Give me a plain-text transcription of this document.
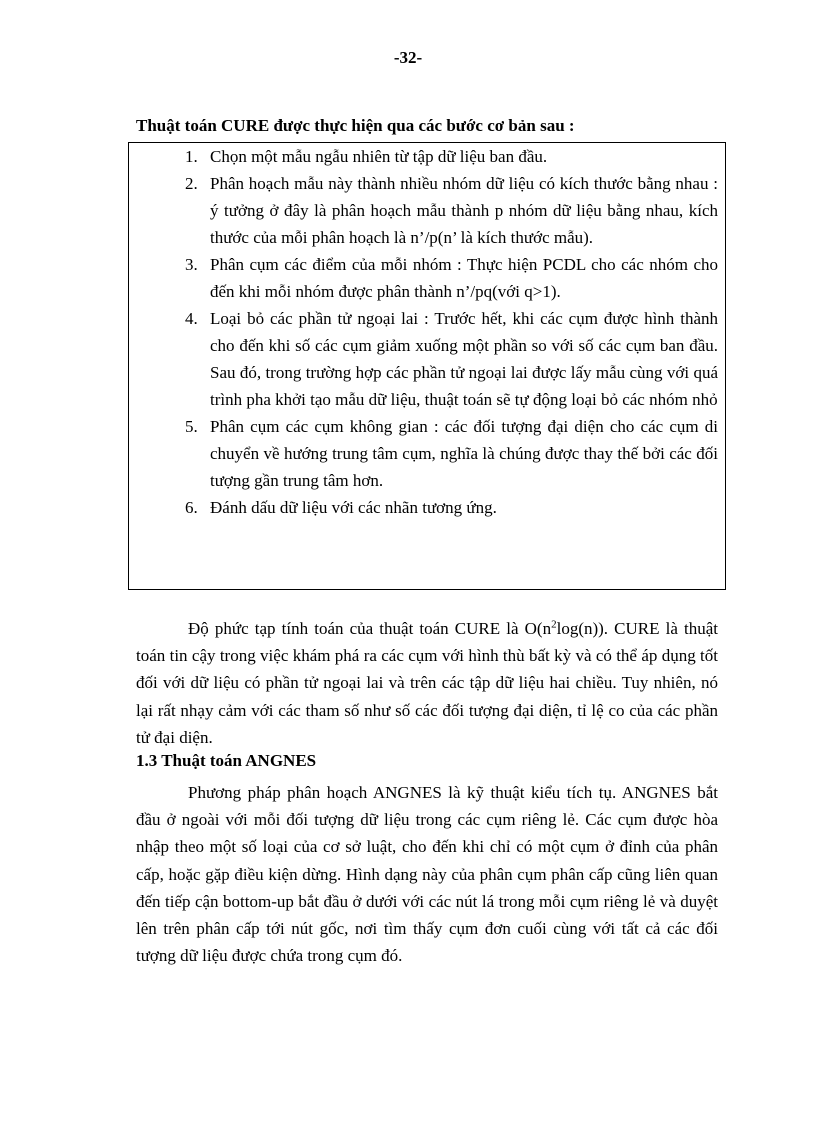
-32-
Thuật toán CURE được thực hiện qua các bước cơ bản sau :
1. Chọn một mẫu ngẫu nhiên từ tập dữ liệu ban đầu.
2. Phân hoạch mẫu này thành nhiều nhóm dữ liệu có kích thước bằng nhau : ý tưởng ở đây là phân hoạch mẫu thành p nhóm dữ liệu bằng nhau, kích thước của mỗi phân hoạch là n’/p(n’ là kích thước mẫu).
3. Phân cụm các điểm của mỗi nhóm : Thực hiện PCDL cho các nhóm cho đến khi mỗi nhóm được phân thành n’/pq(với q>1).
4. Loại bỏ các phần tử ngoại lai : Trước hết, khi các cụm được hình thành cho đến khi số các cụm giảm xuống một phần so với số các cụm ban đầu. Sau đó, trong trường hợp các phần tử ngoại lai được lấy mẫu cùng với quá trình pha khởi tạo mẫu dữ liệu, thuật toán sẽ tự động loại bỏ các nhóm nhỏ
5. Phân cụm các cụm không gian : các đối tượng đại diện cho các cụm di chuyển về hướng trung tâm cụm, nghĩa là chúng được thay thế bởi các đối tượng gần trung tâm hơn.
6. Đánh dấu dữ liệu với các nhãn tương ứng.

Độ phức tạp tính toán của thuật toán CURE là $O(n^2\log(n))$. CURE là thuật toán tin cậy trong việc khám phá ra các cụm với hình thù bất kỳ và có thể áp dụng tốt đối với dữ liệu có phần tử ngoại lai và trên các tập dữ liệu hai chiều. Tuy nhiên, nó lại rất nhạy cảm với các tham số như số các đối tượng đại diện, tỉ lệ co của các phần tử đại diện.

1.3 Thuật toán ANGNES

Phương pháp phân hoạch ANGNES là kỹ thuật kiểu tích tụ. ANGNES bắt đầu ở ngoài với mỗi đối tượng dữ liệu trong các cụm riêng lẻ. Các cụm được hòa nhập theo một số loại của cơ sở luật, cho đến khi chỉ có một cụm ở đỉnh của phân cấp, hoặc gặp điều kiện dừng. Hình dạng này của phân cụm phân cấp cũng liên quan đến tiếp cận bottom-up bắt đầu ở dưới với các nút lá trong mỗi cụm riêng lẻ và duyệt lên trên phân cấp tới nút gốc, nơi tìm thấy cụm đơn cuối cùng với tất cả các đối tượng dữ liệu được chứa trong cụm đó.
